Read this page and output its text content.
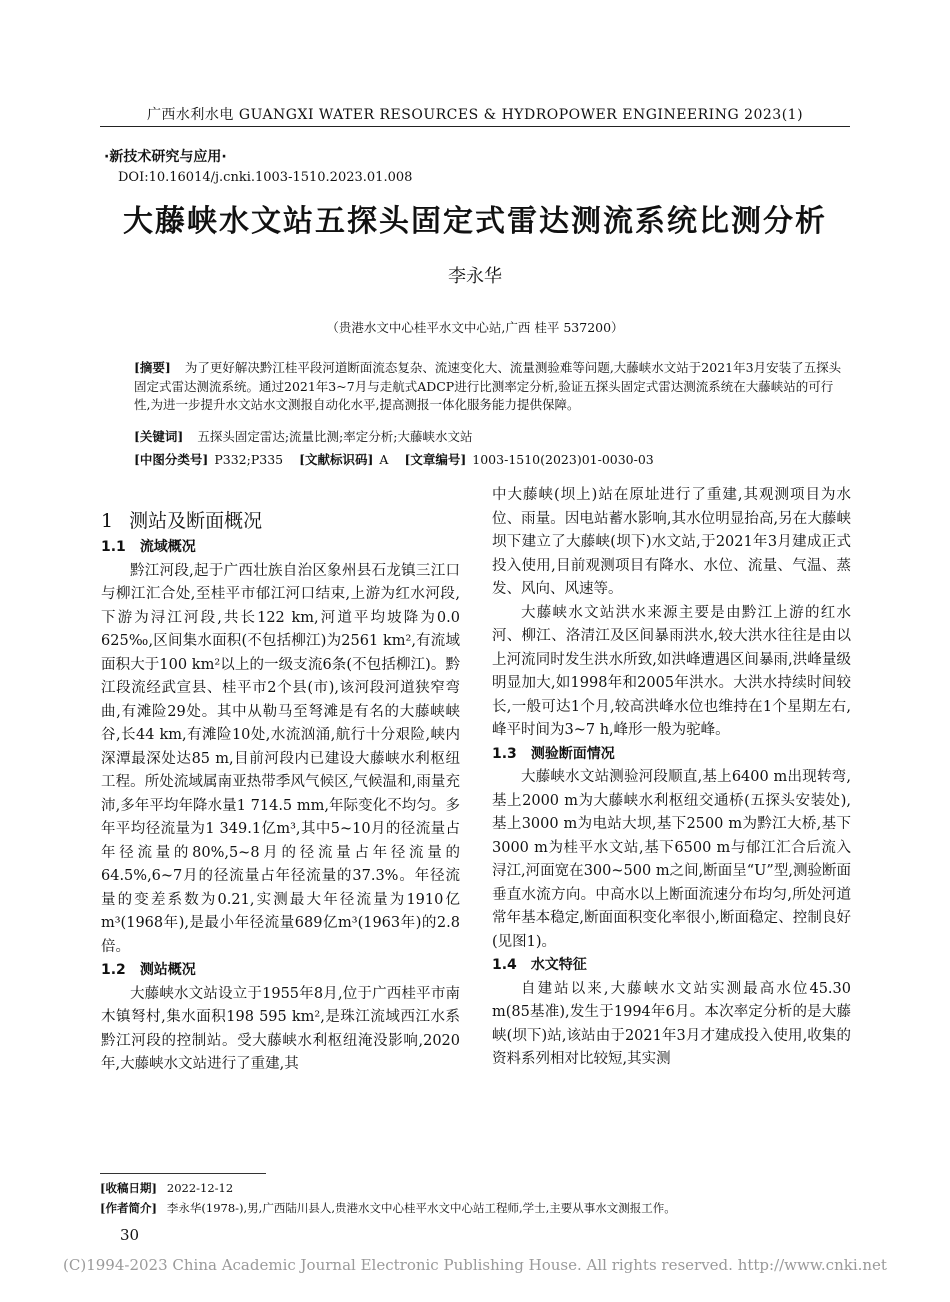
广西水利水电 GUANGXI WATER RESOURCES & HYDROPOWER ENGINEERING 2023(1)
·新技术研究与应用·
DOI:10.16014/j.cnki.1003-1510.2023.01.008
大藤峡水文站五探头固定式雷达测流系统比测分析
李永华
（贵港水文中心桂平水文中心站,广西 桂平 537200）
[摘要] 为了更好解决黔江桂平段河道断面流态复杂、流速变化大、流量测验难等问题,大藤峡水文站于2021年3月安装了五探头固定式雷达测流系统。通过2021年3~7月与走航式ADCP进行比测率定分析,验证五探头固定式雷达测流系统在大藤峡站的可行性,为进一步提升水文站水文测报自动化水平,提高测报一体化服务能力提供保障。
[关键词] 五探头固定雷达;流量比测;率定分析;大藤峡水文站
[中图分类号] P332;P335 [文献标识码] A [文章编号] 1003-1510(2023)01-0030-03
1 测站及断面概况
1.1 流域概况

黔江河段,起于广西壮族自治区象州县石龙镇三江口与柳江汇合处,至桂平市郁江河口结束,上游为红水河段,下游为浔江河段,共长122 km,河道平均坡降为0.0 625‰,区间集水面积(不包括柳江)为2561 km²,有流域面积大于100 km²以上的一级支流6条(不包括柳江)。黔江段流经武宣县、桂平市2个县(市),该河段河道狭窄弯曲,有滩险29处。其中从勒马至弩滩是有名的大藤峡峡谷,长44 km,有滩险10处,水流汹涌,航行十分艰险,峡内深潭最深处达85 m,目前河段内已建设大藤峡水利枢纽工程。所处流域属南亚热带季风气候区,气候温和,雨量充沛,多年平均年降水量1 714.5 mm,年际变化不均匀。多年平均径流量为1 349.1亿m³,其中5~10月的径流量占年径流量的80%,5~8月的径流量占年径流量的64.5%,6~7月的径流量占年径流量的37.3%。年径流量的变差系数为0.21,实测最大年径流量为1910亿m³(1968年),是最小年径流量689亿m³(1963年)的2.8倍。

1.2 测站概况

大藤峡水文站设立于1955年8月,位于广西桂平市南木镇弩村,集水面积198 595 km²,是珠江流域西江水系黔江河段的控制站。受大藤峡水利枢纽淹没影响,2020年,大藤峡水文站进行了重建,其

中大藤峡(坝上)站在原址进行了重建,其观测项目为水位、雨量。因电站蓄水影响,其水位明显抬高,另在大藤峡坝下建立了大藤峡(坝下)水文站,于2021年3月建成正式投入使用,目前观测项目有降水、水位、流量、气温、蒸发、风向、风速等。

大藤峡水文站洪水来源主要是由黔江上游的红水河、柳江、洛清江及区间暴雨洪水,较大洪水往往是由以上河流同时发生洪水所致,如洪峰遭遇区间暴雨,洪峰量级明显加大,如1998年和2005年洪水。大洪水持续时间较长,一般可达1个月,较高洪峰水位也维持在1个星期左右,峰平时间为3~7 h,峰形一般为驼峰。

1.3 测验断面情况

大藤峡水文站测验河段顺直,基上6400 m出现转弯,基上2000 m为大藤峡水利枢纽交通桥(五探头安装处),基上3000 m为电站大坝,基下2500 m为黔江大桥,基下3000 m为桂平水文站,基下6500 m与郁江汇合后流入浔江,河面宽在300~500 m之间,断面呈“U”型,测验断面垂直水流方向。中高水以上断面流速分布均匀,所处河道常年基本稳定,断面面积变化率很小,断面稳定、控制良好(见图1)。

1.4 水文特征

自建站以来,大藤峡水文站实测最高水位45.30 m(85基准),发生于1994年6月。本次率定分析的是大藤峡(坝下)站,该站由于2021年3月才建成投入使用,收集的资料系列相对比较短,其实测

[收稿日期] 2022-12-12
[作者简介] 李永华(1978-),男,广西陆川县人,贵港水文中心桂平水文中心站工程师,学士,主要从事水文测报工作。
30
(C)1994-2023 China Academic Journal Electronic Publishing House. All rights reserved. http://www.cnki.net
